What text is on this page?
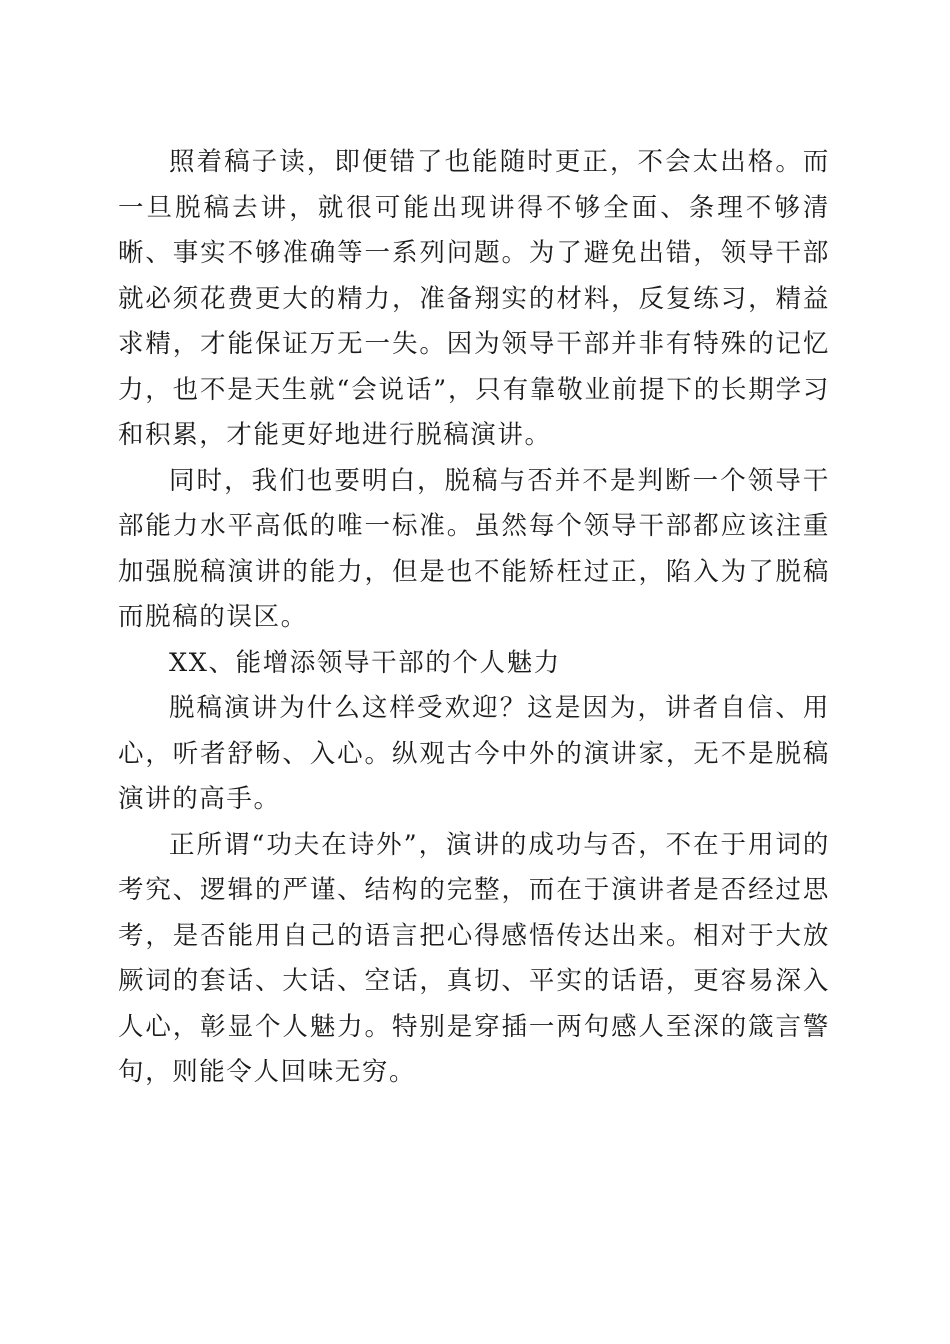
照着稿子读，即便错了也能随时更正，不会太出格。而一旦脱稿去讲，就很可能出现讲得不够全面、条理不够清晰、事实不够准确等一系列问题。为了避免出错，领导干部就必须花费更大的精力，准备翔实的材料，反复练习，精益求精，才能保证万无一失。因为领导干部并非有特殊的记忆力，也不是天生就“会说话”，只有靠敬业前提下的长期学习和积累，才能更好地进行脱稿演讲。

同时，我们也要明白，脱稿与否并不是判断一个领导干部能力水平高低的唯一标准。虽然每个领导干部都应该注重加强脱稿演讲的能力，但是也不能矫枉过正，陷入为了脱稿而脱稿的误区。

XX、能增添领导干部的个人魅力

脱稿演讲为什么这样受欢迎？这是因为，讲者自信、用心，听者舒畅、入心。纵观古今中外的演讲家，无不是脱稿演讲的高手。

正所谓“功夫在诗外”，演讲的成功与否，不在于用词的考究、逻辑的严谨、结构的完整，而在于演讲者是否经过思考，是否能用自己的语言把心得感悟传达出来。相对于大放厥词的套话、大话、空话，真切、平实的话语，更容易深入人心，彰显个人魅力。特别是穿插一两句感人至深的箴言警句，则能令人回味无穷。
